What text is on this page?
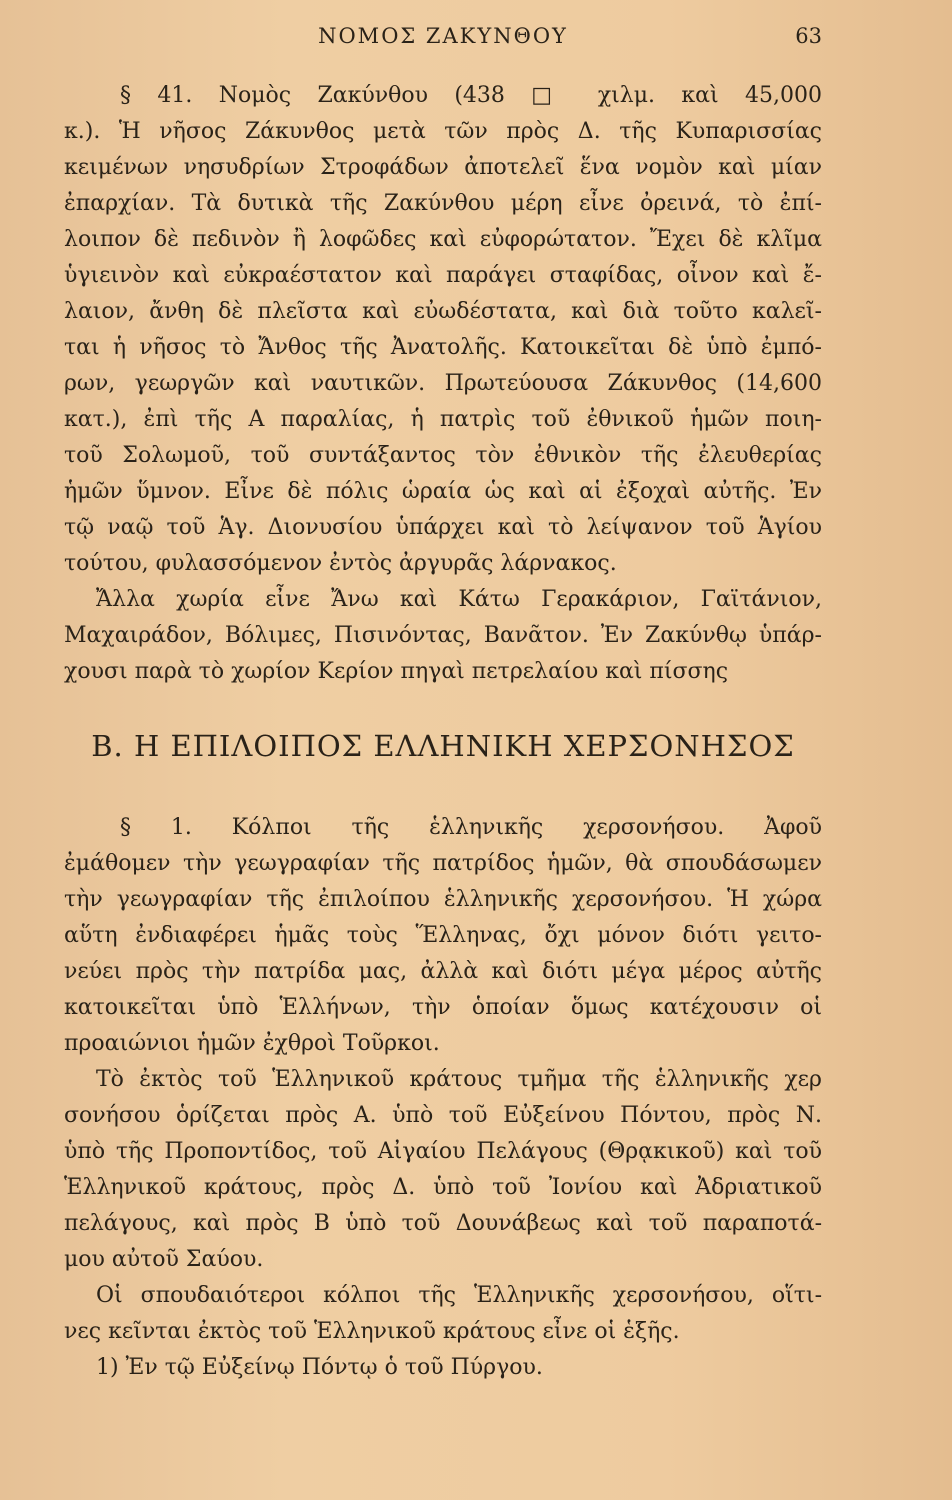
ΝΟΜΟΣ ΖΑΚΥΝΘΟΥ	63
§ 41. Νομὸς Ζακύνθου (438 □ χιλμ. καὶ 45,000
κ.). Ἡ νῆσος Ζάκυνθος μετὰ τῶν πρὸς Δ. τῆς Κυπαρισσίας
κειμένων νησυδρίων Στροφάδων ἀποτελεῖ ἕνα νομὸν καὶ μίαν
ἐπαρχίαν. Τὰ δυτικὰ τῆς Ζακύνθου μέρη εἶνε ὀρεινά, τὸ ἐπί-
λοιπον δὲ πεδινὸν ἢ λοφῶδες καὶ εὐφορώτατον. Ἔχει δὲ κλῖμα
ὑγιεινὸν καὶ εὐκραέστατον καὶ παράγει σταφίδας, οἶνον καὶ ἔ-
λαιον, ἄνθη δὲ πλεῖστα καὶ εὐωδέστατα, καὶ διὰ τοῦτο καλεῖ-
ται ἡ νῆσος τὸ Ἄνθος τῆς Ἀνατολῆς. Κατοικεῖται δὲ ὑπὸ ἐμπό-
ρων, γεωργῶν καὶ ναυτικῶν. Πρωτεύουσα Ζάκυνθος (14,600
κατ.), ἐπὶ τῆς Α παραλίας, ἡ πατρὶς τοῦ ἐθνικοῦ ἡμῶν ποιη-
τοῦ Σολωμοῦ, τοῦ συντάξαντος τὸν ἐθνικὸν τῆς ἐλευθερίας
ἡμῶν ὕμνον. Εἶνε δὲ πόλις ὡραία ὡς καὶ αἱ ἐξοχαὶ αὐτῆς. Ἐν
τῷ ναῷ τοῦ Ἁγ. Διονυσίου ὑπάρχει καὶ τὸ λείψανον τοῦ Ἁγίου
τούτου, φυλασσόμενον ἐντὸς ἀργυρᾶς λάρνακος.
Ἄλλα χωρία εἶνε Ἄνω καὶ Κάτω Γερακάριον, Γαϊτάνιον,
Μαχαιράδον, Βόλιμες, Πισινόντας, Βανᾶτον. Ἐν Ζακύνθῳ ὑπάρ-
χουσι παρὰ τὸ χωρίον Κερίον πηγαὶ πετρελαίου καὶ πίσσης
Β. Η ΕΠΙΛΟΙΠΟΣ ΕΛΛΗΝΙΚΗ ΧΕΡΣΟΝΗΣΟΣ
§ 1. Κόλποι τῆς ἑλληνικῆς χερσονήσου. Ἀφοῦ
ἐμάθομεν τὴν γεωγραφίαν τῆς πατρίδος ἡμῶν, θὰ σπουδάσωμεν
τὴν γεωγραφίαν τῆς ἐπιλοίπου ἑλληνικῆς χερσονήσου. Ἡ χώρα
αὕτη ἐνδιαφέρει ἡμᾶς τοὺς Ἕλληνας, ὄχι μόνον διότι γειτο-
νεύει πρὸς τὴν πατρίδα μας, ἀλλὰ καὶ διότι μέγα μέρος αὐτῆς
κατοικεῖται ὑπὸ Ἑλλήνων, τὴν ὁποίαν ὅμως κατέχουσιν οἱ
προαιώνιοι ἡμῶν ἐχθροὶ Τοῦρκοι.
Τὸ ἐκτὸς τοῦ Ἑλληνικοῦ κράτους τμῆμα τῆς ἑλληνικῆς χερ
σονήσου ὁρίζεται πρὸς Α. ὑπὸ τοῦ Εὐξείνου Πόντου, πρὸς Ν.
ὑπὸ τῆς Προποντίδος, τοῦ Αἰγαίου Πελάγους (Θρᾳκικοῦ) καὶ τοῦ
Ἑλληνικοῦ κράτους, πρὸς Δ. ὑπὸ τοῦ Ἰονίου καὶ Ἀδριατικοῦ
πελάγους, καὶ πρὸς Β ὑπὸ τοῦ Δουνάβεως καὶ τοῦ παραποτά-
μου αὐτοῦ Σαύου.
Οἱ σπουδαιότεροι κόλποι τῆς Ἑλληνικῆς χερσονήσου, οἵτι-
νες κεῖνται ἐκτὸς τοῦ Ἑλληνικοῦ κράτους εἶνε οἱ ἑξῆς.
1) Ἐν τῷ Εὐξείνῳ Πόντῳ ὁ τοῦ Πύργου.
